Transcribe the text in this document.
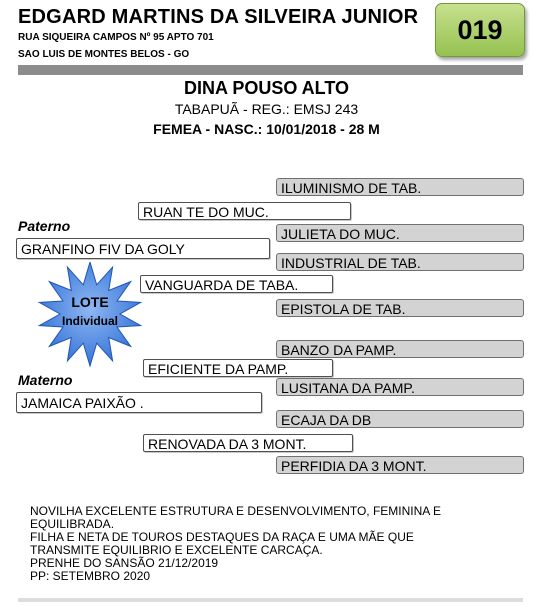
EDGARD MARTINS DA SILVEIRA JUNIOR
RUA SIQUEIRA CAMPOS Nº 95 APTO 701
SAO LUIS DE MONTES BELOS - GO
019
DINA POUSO ALTO
TABAPUÃ - REG.: EMSJ 243
FEMEA - NASC.: 10/01/2018 - 28 M
ILUMINISMO DE TAB.
JULIETA DO MUC.
INDUSTRIAL DE TAB.
EPISTOLA DE TAB.
BANZO DA PAMP.
LUSITANA DA PAMP.
ECAJA DA DB
PERFIDIA DA 3 MONT.
RUAN TE DO MUC.
VANGUARDA DE TABA.
EFICIENTE DA PAMP.
RENOVADA DA 3 MONT.
Paterno
GRANFINO FIV DA GOLY
Materno
JAMAICA PAIXÃO .
LOTE
Individual
NOVILHA EXCELENTE ESTRUTURA E DESENVOLVIMENTO, FEMININA E
EQUILIBRADA.
FILHA E NETA DE TOUROS DESTAQUES DA RAÇA E UMA MÃE QUE
TRANSMITE EQUILIBRIO E EXCELENTE CARCAÇA.
PRENHE DO SANSÃO 21/12/2019
PP: SETEMBRO 2020
